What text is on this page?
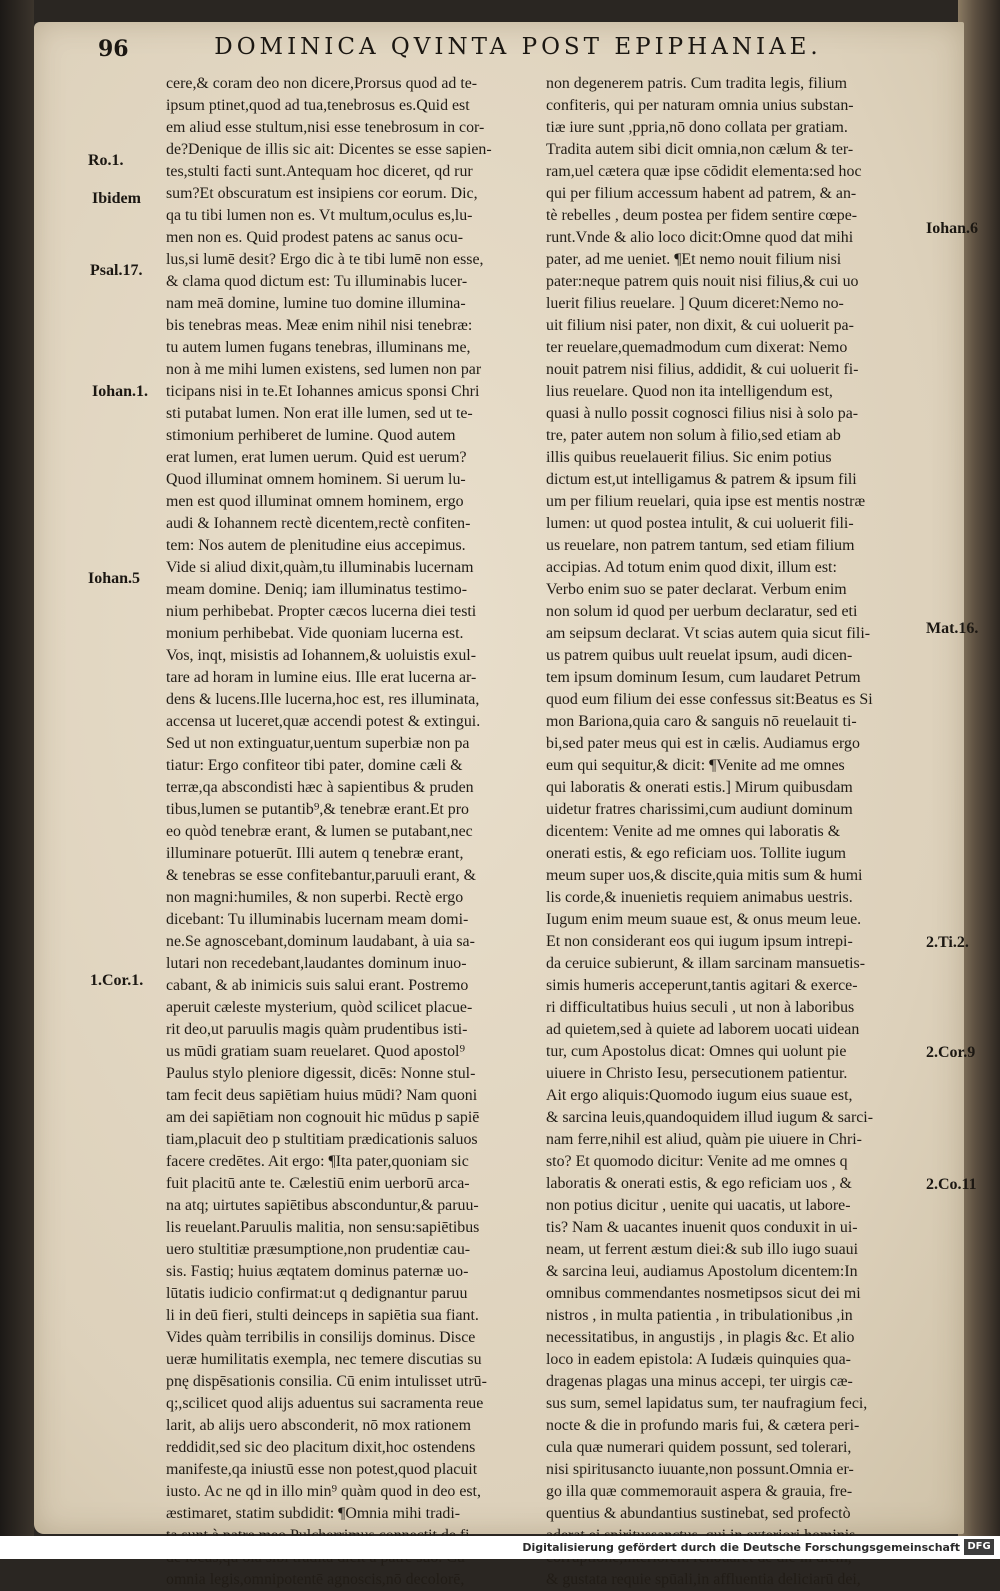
96	DOMINICA QVINTA POST EPIPHANIAE.
Ro.1.
Ibidem
Psal.17.
Iohan.1.
Iohan.5
1.Cor.1.
Iohan.6
Mat.16.
2.Ti.2.
2.Cor.9
2.Co.11
cere,& coram deo non dicere,Prorsus quod ad te-
ipsum ptinet,quod ad tua,tenebrosus es.Quid est
em aliud esse stultum,nisi esse tenebrosum in cor-
de?Denique de illis sic ait: Dicentes se esse sapien-
tes,stulti facti sunt.Antequam hoc diceret, qd rur
sum?Et obscuratum est insipiens cor eorum. Dic,
qa tu tibi lumen non es. Vt multum,oculus es,lu-
men non es. Quid prodest patens ac sanus ocu-
lus,si lumē desit? Ergo dic à te tibi lumē non esse,
& clama quod dictum est: Tu illuminabis lucer-
nam meā domine, lumine tuo domine illumina-
bis tenebras meas. Meæ enim nihil nisi tenebræ:
tu autem lumen fugans tenebras, illuminans me,
non à me mihi lumen existens, sed lumen non par
ticipans nisi in te.Et Iohannes amicus sponsi Chri
sti putabat lumen. Non erat ille lumen, sed ut te-
stimonium perhiberet de lumine. Quod autem
erat lumen, erat lumen uerum. Quid est uerum?
Quod illuminat omnem hominem. Si uerum lu-
men est quod illuminat omnem hominem, ergo
audi & Iohannem rectè dicentem,rectè confiten-
tem: Nos autem de plenitudine eius accepimus.
Vide si aliud dixit,quàm,tu illuminabis lucernam
meam domine. Deniq; iam illuminatus testimo-
nium perhibebat. Propter cæcos lucerna diei testi
monium perhibebat. Vide quoniam lucerna est.
Vos, inqt, misistis ad Iohannem,& uoluistis exul-
tare ad horam in lumine eius. Ille erat lucerna ar-
dens & lucens.Ille lucerna,hoc est, res illuminata,
accensa ut luceret,quæ accendi potest & extingui.
Sed ut non extinguatur,uentum superbiæ non pa
tiatur: Ergo confiteor tibi pater, domine cæli &
terræ,qa abscondisti hæc à sapientibus & pruden
tibus,lumen se putantib⁹,& tenebræ erant.Et pro
eo quòd tenebræ erant, & lumen se putabant,nec
illuminare potuerūt. Illi autem q tenebræ erant,
& tenebras se esse confitebantur,paruuli erant, &
non magni:humiles, & non superbi. Rectè ergo
dicebant: Tu illuminabis lucernam meam domi-
ne.Se agnoscebant,dominum laudabant, à uia sa-
lutari non recedebant,laudantes dominum inuo-
cabant, & ab inimicis suis salui erant. Postremo
aperuit cæleste mysterium, quòd scilicet placue-
rit deo,ut paruulis magis quàm prudentibus isti-
us mūdi gratiam suam reuelaret. Quod apostol⁹
Paulus stylo pleniore digessit, dicēs: Nonne stul-
tam fecit deus sapiētiam huius mūdi? Nam quoni
am dei sapiētiam non cognouit hic mūdus p sapiē
tiam,placuit deo p stultitiam prædicationis saluos
facere credētes. Ait ergo: ¶Ita pater,quoniam sic
fuit placitū ante te. Cælestiū enim uerborū arca-
na atq; uirtutes sapiētibus absconduntur,& paruu-
lis reuelant.Paruulis malitia, non sensu:sapiētibus
uero stultitiæ præsumptione,non prudentiæ cau-
sis. Fastiq; huius æqtatem dominus paternæ uo-
lūtatis iudicio confirmat:ut q dedignantur paruu
li in deū fieri, stulti deinceps in sapiētia sua fiant.
Vides quàm terribilis in consilijs dominus. Disce
ueræ humilitatis exempla, nec temere discutias su
pnę dispēsationis consilia. Cū enim intulisset utrū-
q;,scilicet quod alijs aduentus sui sacramenta reue
larit, ab alijs uero absconderit, nō mox rationem
reddidit,sed sic deo placitum dixit,hoc ostendens
manifeste,qa iniustū esse non potest,quod placuit
iusto. Ac ne qd in illo min⁹ quàm quod in deo est,
æstimaret, statim subdidit: ¶Omnia mihi tradi-
omnia legis,omnipotentē agnoscis,nō decolorē,
non degenerem patris. Cum tradita legis, filium
confiteris, qui per naturam omnia unius substan-
tiæ iure sunt ,ppria,nō dono collata per gratiam.
Tradita autem sibi dicit omnia,non cælum & ter-
ram,uel cætera quæ ipse cōdidit elementa:sed hoc
qui per filium accessum habent ad patrem, & an-
tè rebelles , deum postea per fidem sentire cœpe-
runt.Vnde & alio loco dicit:Omne quod dat mihi
pater, ad me ueniet. ¶Et nemo nouit filium nisi
pater:neque patrem quis nouit nisi filius,& cui uo
luerit filius reuelare. ] Quum diceret:Nemo no-
uit filium nisi pater, non dixit, & cui uoluerit pa-
ter reuelare,quemadmodum cum dixerat: Nemo
nouit patrem nisi filius, addidit, & cui uoluerit fi-
lius reuelare. Quod non ita intelligendum est,
quasi à nullo possit cognosci filius nisi à solo pa-
tre, pater autem non solum à filio,sed etiam ab
illis quibus reuelauerit filius. Sic enim potius
dictum est,ut intelligamus & patrem & ipsum fili
um per filium reuelari, quia ipse est mentis nostræ
lumen: ut quod postea intulit, & cui uoluerit fili-
us reuelare, non patrem tantum, sed etiam filium
accipias. Ad totum enim quod dixit, illum est:
Verbo enim suo se pater declarat. Verbum enim
non solum id quod per uerbum declaratur, sed eti
am seipsum declarat. Vt scias autem quia sicut fili-
us patrem quibus uult reuelat ipsum, audi dicen-
tem ipsum dominum Iesum, cum laudaret Petrum
quod eum filium dei esse confessus sit:Beatus es Si
mon Bariona,quia caro & sanguis nō reuelauit ti-
bi,sed pater meus qui est in cælis. Audiamus ergo
eum qui sequitur,& dicit: ¶Venite ad me omnes
qui laboratis & onerati estis.] Mirum quibusdam
uidetur fratres charissimi,cum audiunt dominum
dicentem: Venite ad me omnes qui laboratis &
onerati estis, & ego reficiam uos. Tollite iugum
meum super uos,& discite,quia mitis sum & humi
lis corde,& inuenietis requiem animabus uestris.
Iugum enim meum suaue est, & onus meum leue.
Et non considerant eos qui iugum ipsum intrepi-
da ceruice subierunt, & illam sarcinam mansuetis-
simis humeris acceperunt,tantis agitari & exerce-
ri difficultatibus huius seculi , ut non à laboribus
ad quietem,sed à quiete ad laborem uocati uidean
tur, cum Apostolus dicat: Omnes qui uolunt pie
uiuere in Christo Iesu, persecutionem patientur.
Ait ergo aliquis:Quomodo iugum eius suaue est,
& sarcina leuis,quandoquidem illud iugum & sarci-
nam ferre,nihil est aliud, quàm pie uiuere in Chri-
sto? Et quomodo dicitur: Venite ad me omnes q
laboratis & onerati estis, & ego reficiam uos , &
non potius dicitur , uenite qui uacatis, ut labore-
tis? Nam & uacantes inuenit quos conduxit in ui-
neam, ut ferrent æstum diei:& sub illo iugo suaui
& sarcina leui, audiamus Apostolum dicentem:In
omnibus commendantes nosmetipsos sicut dei mi
nistros , in multa patientia , in tribulationibus ,in
necessitatibus, in angustijs , in plagis &c. Et alio
loco in eadem epistola: A Iudæis quinquies qua-
dragenas plagas una minus accepi, ter uirgis cæ-
sus sum, semel lapidatus sum, ter naufragium feci,
nocte & die in profundo maris fui, & cætera peri-
cula quæ numerari quidem possunt, sed tolerari,
nisi spiritusancto iuuante,non possunt.Omnia er-
go illa quæ commemorauit aspera & grauia, fre-
quentius & abundantius sustinebat, sed profectò
& gustata requie spūali,in affluentia deliciarū dei,
Digitalisierung gefördert durch die Deutsche Forschungsgemeinschaft DFG
